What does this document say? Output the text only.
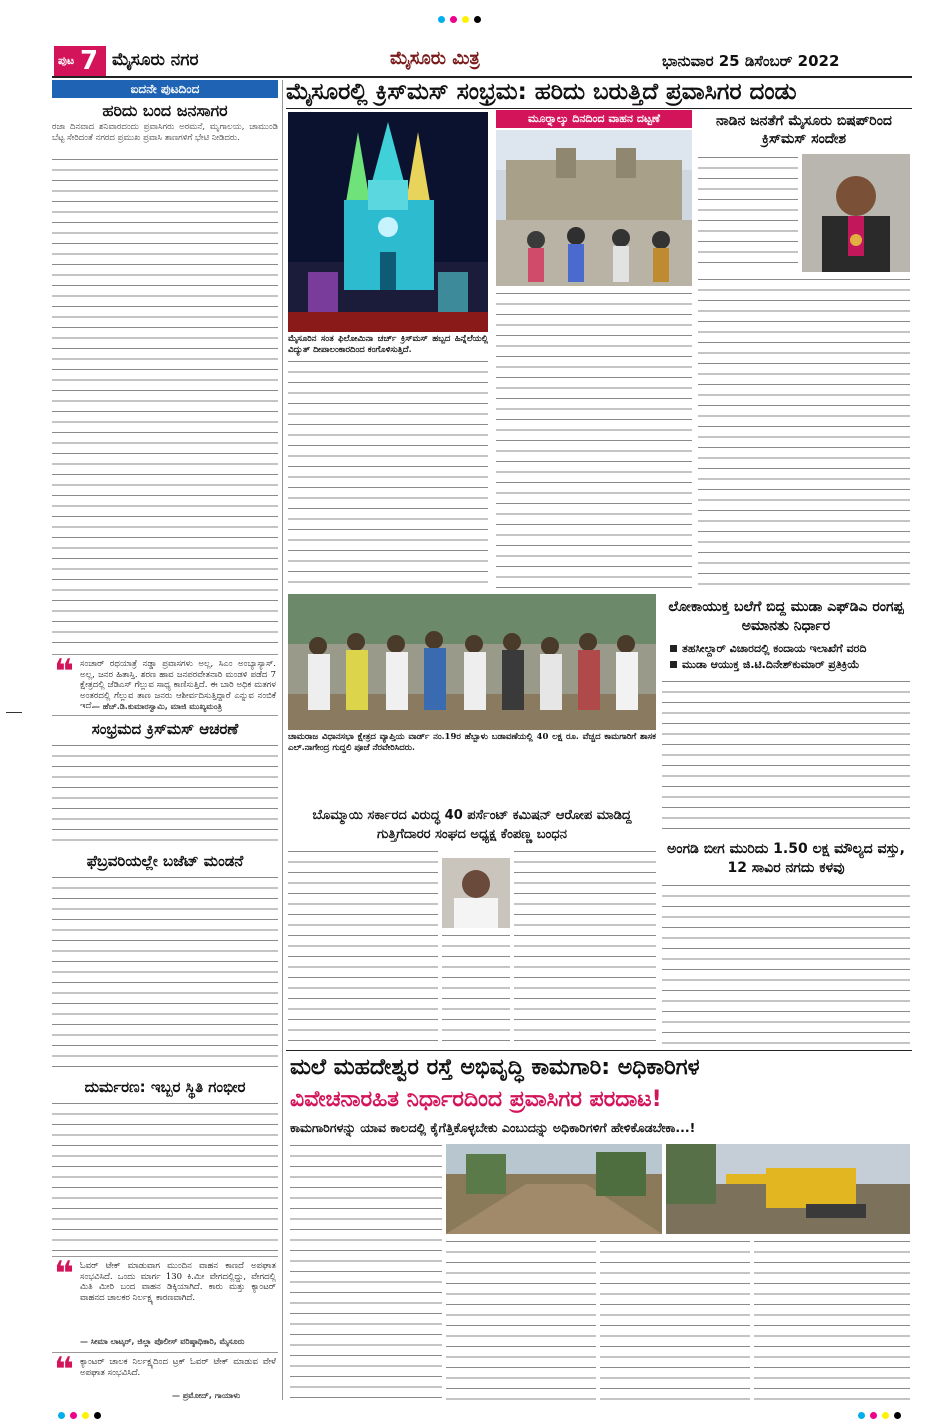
ಪುಟ 7 ಮೈಸೂರು ನಗರ	ಮೈಸೂರು ಮಿತ್ರ	ಭಾನುವಾರ 25 ಡಿಸೆಂಬರ್ 2022
ಐದನೇ ಪುಟದಿಂದ
ಹರಿದು ಬಂದ ಜನಸಾಗರ
ರಜಾ ದಿನವಾದ ಶನಿವಾರದಂದು ಪ್ರವಾಸಿಗರು ಅರಮನೆ, ಮೃಗಾಲಯ, ಚಾಮುಂಡಿ ಬೆಟ್ಟ ಸೇರಿದಂತೆ ನಗರದ ಪ್ರಮುಖ ಪ್ರವಾಸಿ ತಾಣಗಳಿಗೆ ಭೇಟಿ ನೀಡಿದರು.
❝ ಸಂಚಾರ್ ರಥಯಾತ್ರೆ ನಡ್ಡಾ ಪ್ರವಾಸಗಳು ಅಲ್ಲ, ಸಿಎಂ ಅಂಬ್ಯಾಸ್ಯಾಸ್. ಅಲ್ಲ, ಜನರ ಹಿತಾಸ್ತಿ. ಶರಣ ಹಾವ ಜನಪರವೇತನಾರಿ ಮಂಡಳಿ ಪಡೆದ 7 ಕ್ಷೇತ್ರದಲ್ಲಿ ಜೆಡಿಎಸ್ ಗೆಲ್ಲುವ ಸಾಧ್ಯ ಕಾಣಿಸುತ್ತಿದೆ. ಈ ಬಾರಿ ಅಧಿಕ ಮತಗಳ ಅಂತರದಲ್ಲಿ ಗೆಲ್ಲುವ ತಾಣ ಜನರು ಆಶೀರ್ವದಿಸುತ್ತಿದ್ದಾರೆ ಎನ್ನುವ ನಂಬಿಕೆ ಇದೆ.
— ಹೆಚ್.ಡಿ.ಕುಮಾರಸ್ವಾಮಿ, ಮಾಜಿ ಮುಖ್ಯಮಂತ್ರಿ
ಸಂಭ್ರಮದ ಕ್ರಿಸ್‌ಮಸ್ ಆಚರಣೆ
ಫೆಬ್ರವರಿಯಲ್ಲೇ ಬಜೆಟ್ ಮಂಡನೆ
ದುರ್ಮರಣ: ಇಬ್ಬರ ಸ್ಥಿತಿ ಗಂಭೀರ
❝ ಓವರ್ ಟೇಕ್ ಮಾಡುವಾಗ ಮುಂದಿನ ವಾಹನ ಕಾಣದೆ ಅಪಘಾತ ಸಂಭವಿಸಿದೆ. ಒಂದು ಮಾರ್ಗ 130 ಕಿ.ಮೀ ವೇಗದಲ್ಲಿದ್ದು, ವೇಗದಲ್ಲಿ ಮಿತಿ ಮೀರಿ ಬಂದ ವಾಹನ ಡಿಕ್ಕಿಯಾಗಿದೆ. ಕಾರು ಮತ್ತು ಕ್ಯಾಂಟರ್ ವಾಹನದ ಚಾಲಕರ ನಿರ್ಲಕ್ಷ್ಯ ಕಾರಣವಾಗಿದೆ.
— ಸೀಮಾ ಲಾಟ್ಕರ್, ಜಿಲ್ಲಾ ಪೊಲೀಸ್ ವರಿಷ್ಠಾಧಿಕಾರಿ, ಮೈಸೂರು
❝ ಕ್ಯಾಂಟರ್ ಚಾಲಕ ನಿರ್ಲಕ್ಷ್ಯದಿಂದ ಟ್ರಕ್ ಓವರ್ ಟೇಕ್ ಮಾಡುವ ವೇಳೆ ಅಪಘಾತ ಸಂಭವಿಸಿದೆ.
— ಪ್ರಮೋದ್, ಗಾಯಾಳು
ಮೈಸೂರಲ್ಲಿ ಕ್ರಿಸ್‌ಮಸ್ ಸಂಭ್ರಮ: ಹರಿದು ಬರುತ್ತಿದೆ ಪ್ರವಾಸಿಗರ ದಂಡು
ಮೈಸೂರಿನ ಸಂತ ಫಿಲೋಮಿನಾ ಚರ್ಚ್ ಕ್ರಿಸ್‌ಮಸ್ ಹಬ್ಬದ ಹಿನ್ನೆಲೆಯಲ್ಲಿ ವಿದ್ಯುತ್ ದೀಪಾಲಂಕಾರದಿಂದ ಕಂಗೊಳಿಸುತ್ತಿದೆ.
ಮೂರ್‍ನಾಲ್ಕು ದಿನದಿಂದ ವಾಹನ ದಟ್ಟಣೆ	ನಾಡಿನ ಜನತೆಗೆ ಮೈಸೂರು ಬಿಷಪ್‌ರಿಂದ ಕ್ರಿಸ್‌ಮಸ್ ಸಂದೇಶ
ಚಾಮರಾಜ ವಿಧಾನಸಭಾ ಕ್ಷೇತ್ರದ ವ್ಯಾಪ್ತಿಯ ವಾರ್ಡ್ ನಂ.19ರ ಹೆಬ್ಬಾಳು ಬಡಾವಣೆಯಲ್ಲಿ 40 ಲಕ್ಷ ರೂ. ವೆಚ್ಚದ ಕಾಮಗಾರಿಗೆ ಶಾಸಕ ಎಲ್.ನಾಗೇಂದ್ರ ಗುದ್ದಲಿ ಪೂಜೆ ನೆರವೇರಿಸಿದರು.
ಲೋಕಾಯುಕ್ತ ಬಲೆಗೆ ಬಿದ್ದ ಮುಡಾ ಎಫ್‌ಡಿಎ ರಂಗಪ್ಪ ಅಮಾನತು ನಿರ್ಧಾರ
ತಹಸೀಲ್ದಾರ್ ವಿಚಾರದಲ್ಲಿ ಕಂದಾಯ ಇಲಾಖೆಗೆ ವರದಿ
ಮುಡಾ ಆಯುಕ್ತ ಜಿ.ಟಿ.ದಿನೇಶ್‌ಕುಮಾರ್ ಪ್ರತಿಕ್ರಿಯೆ
ಬೊಮ್ಮಾಯಿ ಸರ್ಕಾರದ ವಿರುದ್ಧ 40 ಪರ್ಸೆಂಟ್ ಕಮಿಷನ್ ಆರೋಪ ಮಾಡಿದ್ದ ಗುತ್ತಿಗೆದಾರರ ಸಂಘದ ಅಧ್ಯಕ್ಷ ಕೆಂಪಣ್ಣ ಬಂಧನ
ಅಂಗಡಿ ಬೀಗ ಮುರಿದು 1.50 ಲಕ್ಷ ಮೌಲ್ಯದ ವಸ್ತು, 12 ಸಾವಿರ ನಗದು ಕಳವು
ಮಲೆ ಮಹದೇಶ್ವರ ರಸ್ತೆ ಅಭಿವೃದ್ಧಿ ಕಾಮಗಾರಿ: ಅಧಿಕಾರಿಗಳ
ವಿವೇಚನಾರಹಿತ ನಿರ್ಧಾರದಿಂದ ಪ್ರವಾಸಿಗರ ಪರದಾಟ!
ಕಾಮಗಾರಿಗಳನ್ನು ಯಾವ ಕಾಲದಲ್ಲಿ ಕೈಗೆತ್ತಿಕೊಳ್ಳಬೇಕು ಎಂಬುದನ್ನು ಅಧಿಕಾರಿಗಳಿಗೆ ಹೇಳಿಕೊಡಬೇಕಾ...!
